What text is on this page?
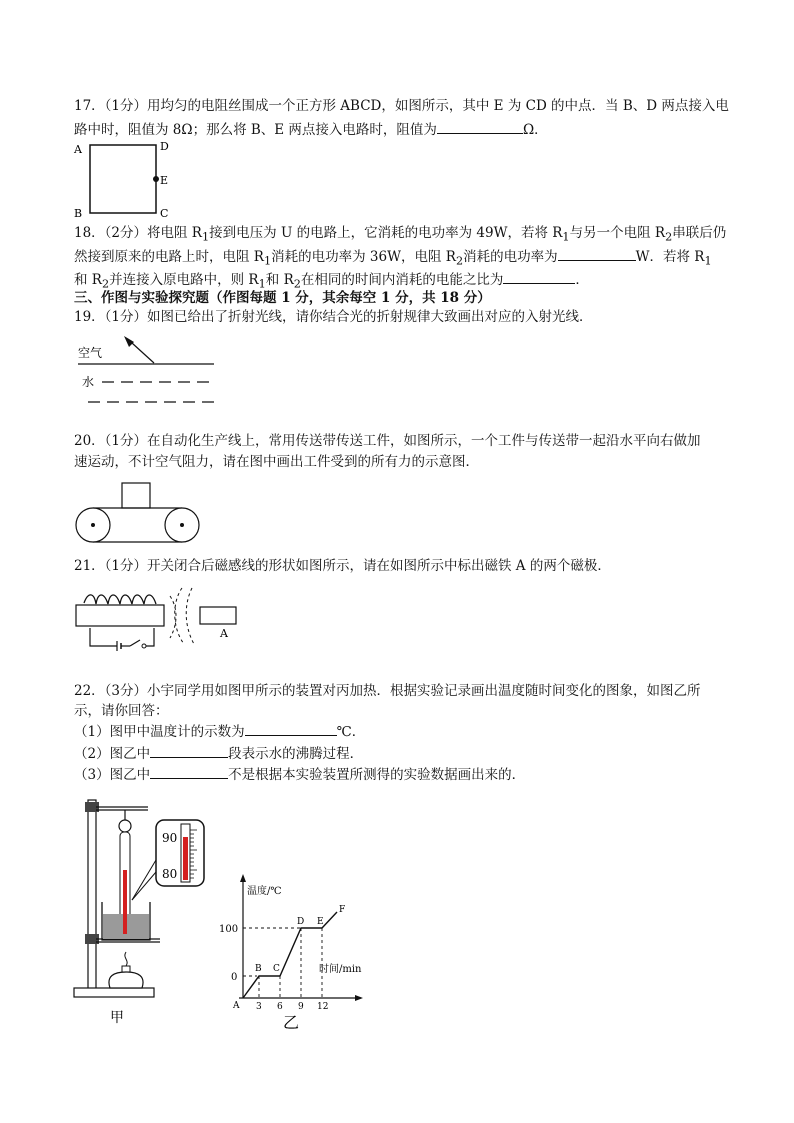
17．（1分）用均匀的电阻丝围成一个正方形 ABCD，如图所示，其中 E 为 CD 的中点．当 B、D 两点接入电
路中时，阻值为 8Ω；那么将 B、E 两点接入电路时，阻值为	Ω．
A	D
E
B	C
18．（2分）将电阻 $R_1$接到电压为 U 的电路上，它消耗的电功率为 49W，若将 $R_1$与另一个电阻 $R_2$串联后仍
然接到原来的电路上时，电阻 $R_1$消耗的电功率为 36W，电阻 $R_2$消耗的电功率为	W．若将 $R_1$
和 $R_2$并连接入原电路中，则 $R_1$和 $R_2$在相同的时间内消耗的电能之比为	．
三、作图与实验探究题（作图每题 1 分，其余每空 1 分，共 18 分）
19．（1分）如图已给出了折射光线，请你结合光的折射规律大致画出对应的入射光线．
空气
水
20．（1分）在自动化生产线上，常用传送带传送工件，如图所示，一个工件与传送带一起沿水平向右做加
速运动，不计空气阻力，请在图中画出工件受到的所有力的示意图．
21．（1分）开关闭合后磁感线的形状如图所示，请在如图所示中标出磁铁 A 的两个磁极．
A
22．（3分）小宇同学用如图甲所示的装置对丙加热．根据实验记录画出温度随时间变化的图象，如图乙所
示，请你回答：
（1）图甲中温度计的示数为	℃．
（2）图乙中	段表示水的沸腾过程．
（3）图乙中	不是根据本实验装置所测得的实验数据画出来的．
90
80
甲
温度/℃
时间/min
100
0
A
B C
D E
F
3 6 9 12
乙
